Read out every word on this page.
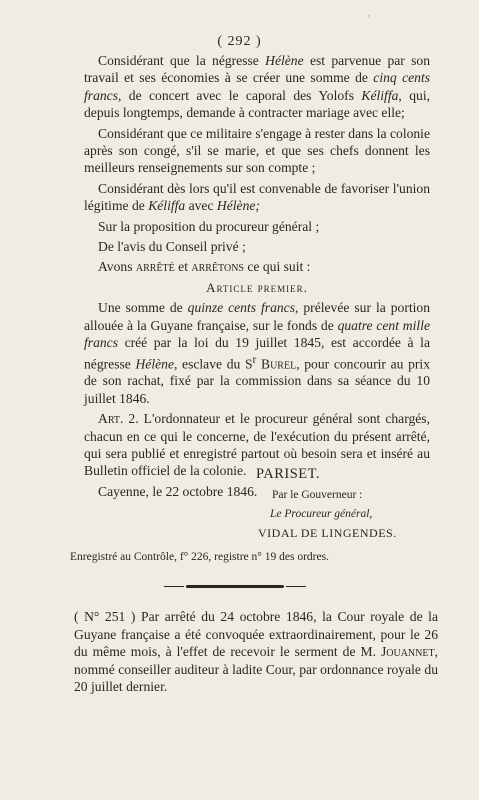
'
( 292 )

Considérant que la négresse Hélène est parvenue par son travail et ses économies à se créer une somme de cinq cents francs, de concert avec le caporal des Yolofs Kéliffa, qui, depuis longtemps, demande à contracter mariage avec elle;

Considérant que ce militaire s'engage à rester dans la colonie après son congé, s'il se marie, et que ses chefs donnent les meilleurs renseignements sur son compte ;

Considérant dès lors qu'il est convenable de favoriser l'union légitime de Kéliffa avec Hélène;

Sur la proposition du procureur général ;

De l'avis du Conseil privé ;

Avons arrêté et arrêtons ce qui suit :

Article premier.

Une somme de quinze cents francs, prélevée sur la portion allouée à la Guyane française, sur le fonds de quatre cent mille francs créé par la loi du 19 juillet 1845, est accordée à la négresse Hélène, esclave du $S^r$ Burel, pour concourir au prix de son rachat, fixé par la commission dans sa séance du 10 juillet 1846.

Art. 2. L'ordonnateur et le procureur général sont chargés, chacun en ce qui le concerne, de l'exécution du présent arrêté, qui sera publié et enregistré partout où besoin sera et inséré au Bulletin officiel de la colonie.

Cayenne, le 22 octobre 1846.

PARISET.
Par le Gouverneur :
Le Procureur général,
VIDAL DE LINGENDES.
Enregistré au Contrôle, f° 226, registre n° 19 des ordres.
( N° 251 ) Par arrêté du 24 octobre 1846, la Cour royale de la Guyane française a été convoquée extraordinairement, pour le 26 du même mois, à l'effet de recevoir le serment de M. Jouannet, nommé conseiller auditeur à ladite Cour, par ordonnance royale du 20 juillet dernier.
